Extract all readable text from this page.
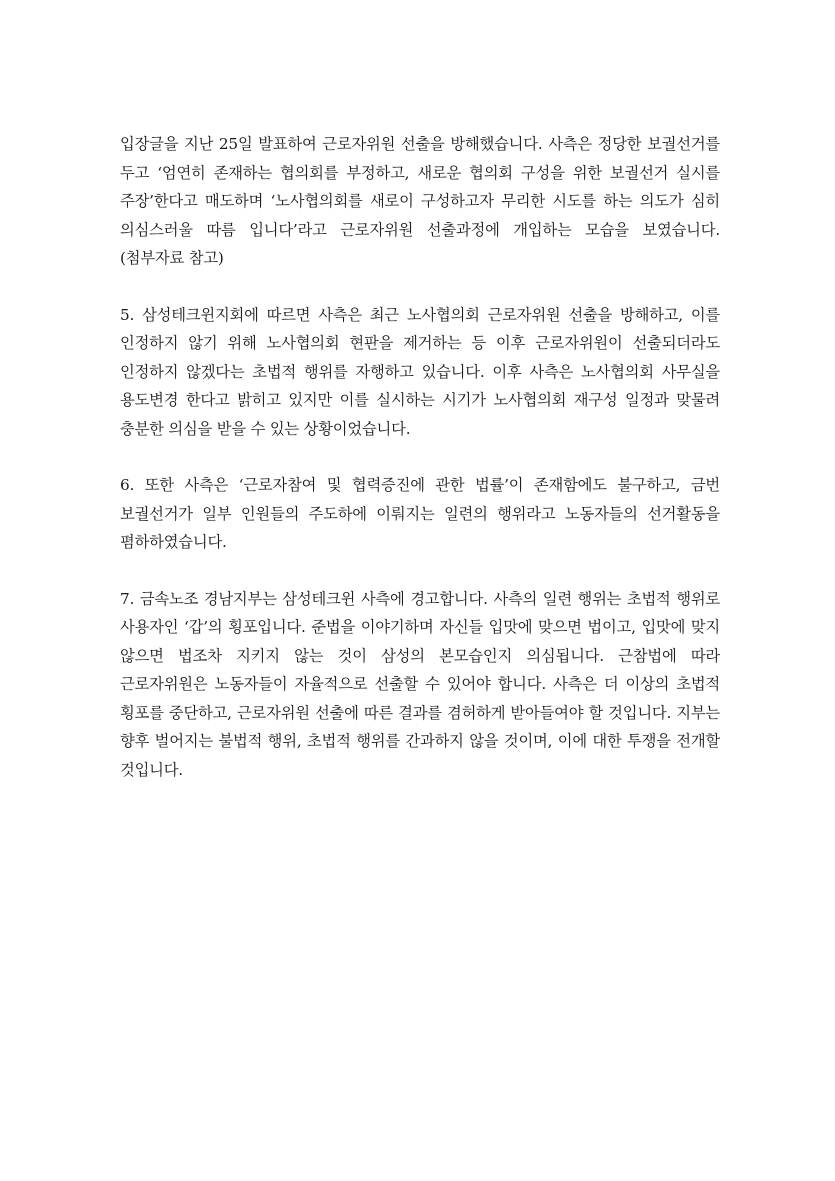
입장글을 지난 25일 발표하여 근로자위원 선출을 방해했습니다. 사측은 정당한 보궐선거를 두고 ‘엄연히 존재하는 협의회를 부정하고, 새로운 협의회 구성을 위한 보궐선거 실시를 주장’한다고 매도하며 ‘노사협의회를 새로이 구성하고자 무리한 시도를 하는 의도가 심히 의심스러울 따름 입니다’라고 근로자위원 선출과정에 개입하는 모습을 보였습니다.(첨부자료 참고)

5. 삼성테크윈지회에 따르면 사측은 최근 노사협의회 근로자위원 선출을 방해하고, 이를 인정하지 않기 위해 노사협의회 현판을 제거하는 등 이후 근로자위원이 선출되더라도 인정하지 않겠다는 초법적 행위를 자행하고 있습니다. 이후 사측은 노사협의회 사무실을 용도변경 한다고 밝히고 있지만 이를 실시하는 시기가 노사협의회 재구성 일정과 맞물려 충분한 의심을 받을 수 있는 상황이었습니다.

6. 또한 사측은 ‘근로자참여 및 협력증진에 관한 법률’이 존재함에도 불구하고, 금번 보궐선거가 일부 인원들의 주도하에 이뤄지는 일련의 행위라고 노동자들의 선거활동을 폄하하였습니다.

7. 금속노조 경남지부는 삼성테크윈 사측에 경고합니다. 사측의 일련 행위는 초법적 행위로 사용자인 ‘갑’의 횡포입니다. 준법을 이야기하며 자신들 입맛에 맞으면 법이고, 입맛에 맞지 않으면 법조차 지키지 않는 것이 삼성의 본모습인지 의심됩니다. 근참법에 따라 근로자위원은 노동자들이 자율적으로 선출할 수 있어야 합니다. 사측은 더 이상의 초법적 횡포를 중단하고, 근로자위원 선출에 따른 결과를 겸허하게 받아들여야 할 것입니다. 지부는 향후 벌어지는 불법적 행위, 초법적 행위를 간과하지 않을 것이며, 이에 대한 투쟁을 전개할 것입니다.
